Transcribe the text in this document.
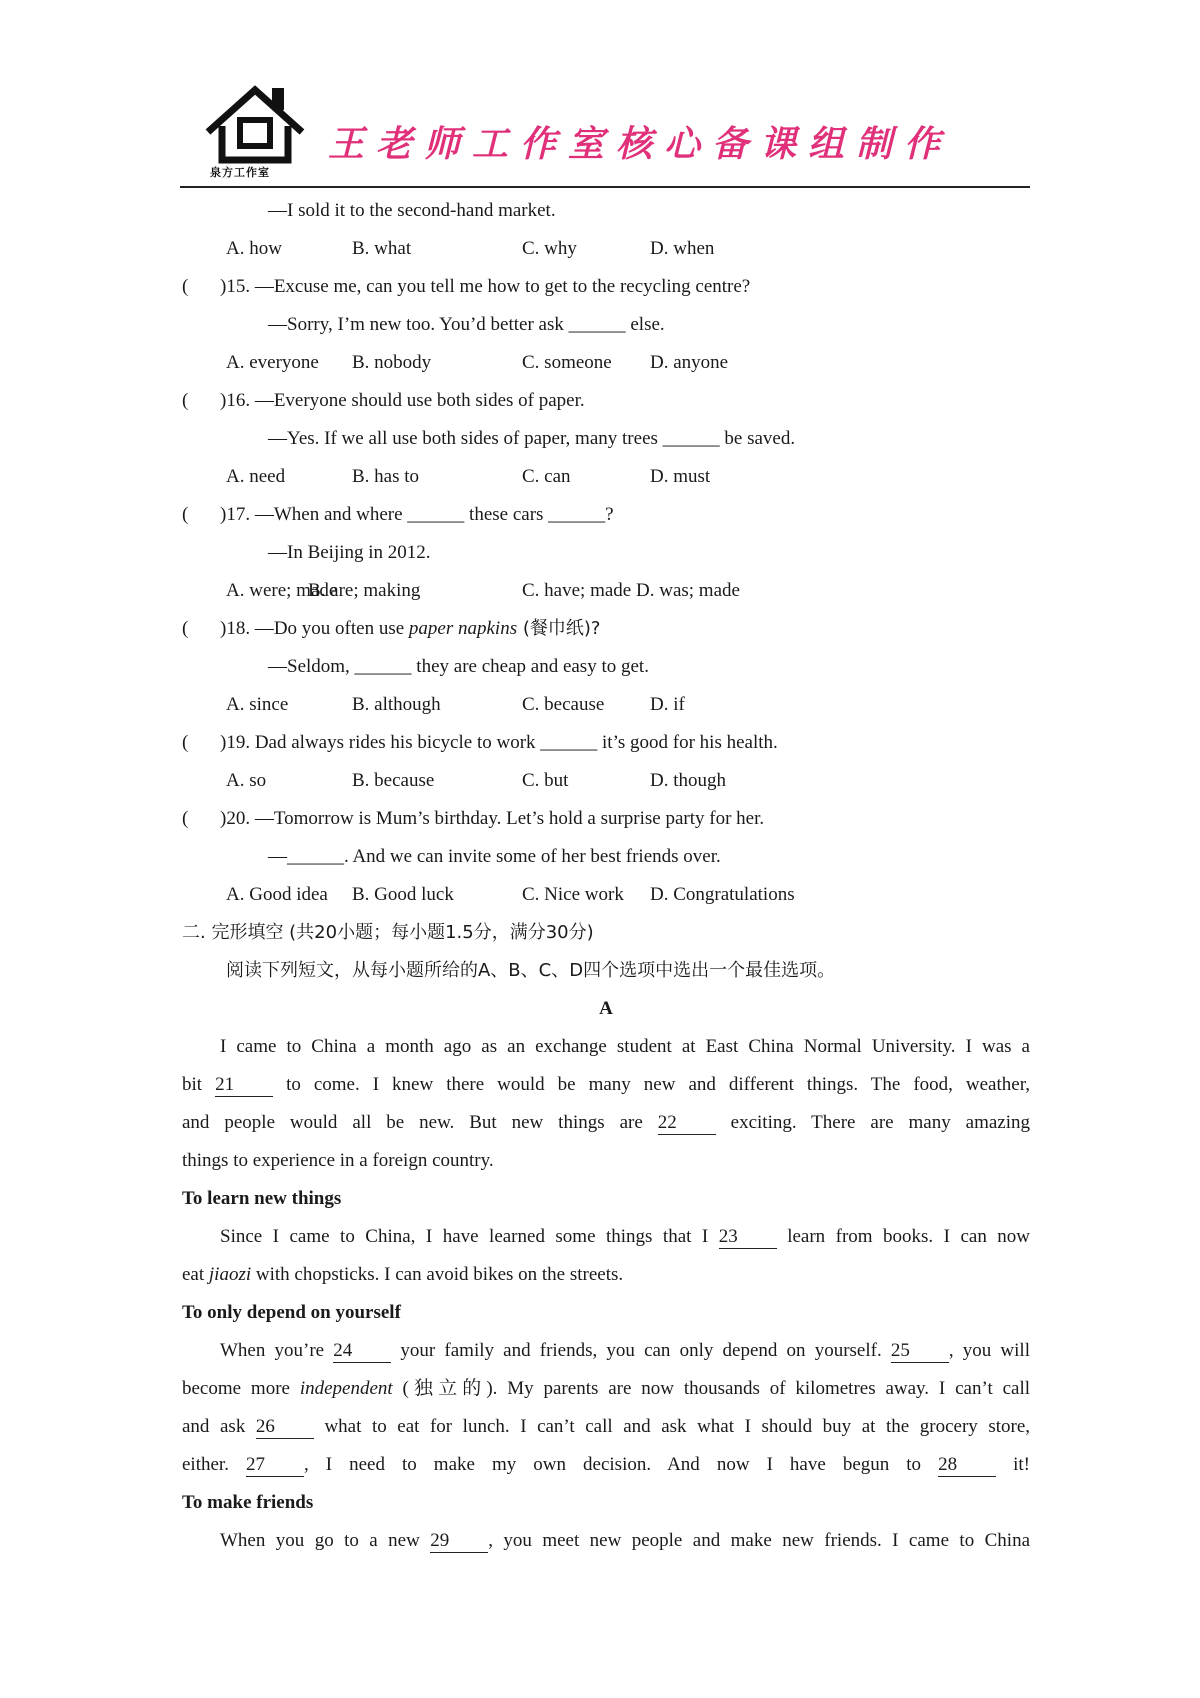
泉方工作室
王老师工作室核心备课组制作
—I sold it to the second-hand market.
A. how	B. what	C. why	D. when
( )15. —Excuse me, can you tell me how to get to the recycling centre?
—Sorry, I’m new too. You’d better ask ______ else.
A. everyone B. nobody	C. someone D. anyone
( )16. —Everyone should use both sides of paper.
—Yes. If we all use both sides of paper, many trees ______ be saved.
A. need	B. has to	C. can	D. must
( )17. —When and where ______ these cars ______?
—In Beijing in 2012.
A. were; made
B. are; making	C. have; made D. was; made
( )18. —Do you often use paper napkins (餐巾纸)?
—Seldom, ______ they are cheap and easy to get.
A. since	B. although	C. because D. if
( )19. Dad always rides his bicycle to work ______ it’s good for his health.
A. so	B. because	C. but	D. though
( )20. —Tomorrow is Mum’s birthday. Let’s hold a surprise party for her.
—______. And we can invite some of her best friends over.
A. Good idea B. Good luck	C. Nice work D. Congratulations
二. 完形填空 (共20小题；每小题1.5分，满分30分)
阅读下列短文，从每小题所给的A、B、C、D四个选项中选出一个最佳选项。
A
I came to China a month ago as an exchange student at East China Normal University. I was a
bit 21	to come. I knew there would be many new and different things. The food, weather,
and people would all be new. But new things are 22	exciting. There are many amazing
things to experience in a foreign country.
To learn new things
Since I came to China, I have learned some things that I 23	learn from books. I can now
eat jiaozi with chopsticks. I can avoid bikes on the streets.
To only depend on yourself
When you’re 24	your family and friends, you can only depend on yourself. 25 , you will
become more independent (独立的). My parents are now thousands of kilometres away. I can’t call
and ask 26	what to eat for lunch. I can’t call and ask what I should buy at the grocery store,
either. 27 , I need to make my own decision. And now I have begun to 28	it!
To make friends
When you go to a new 29 , you meet new people and make new friends. I came to China
